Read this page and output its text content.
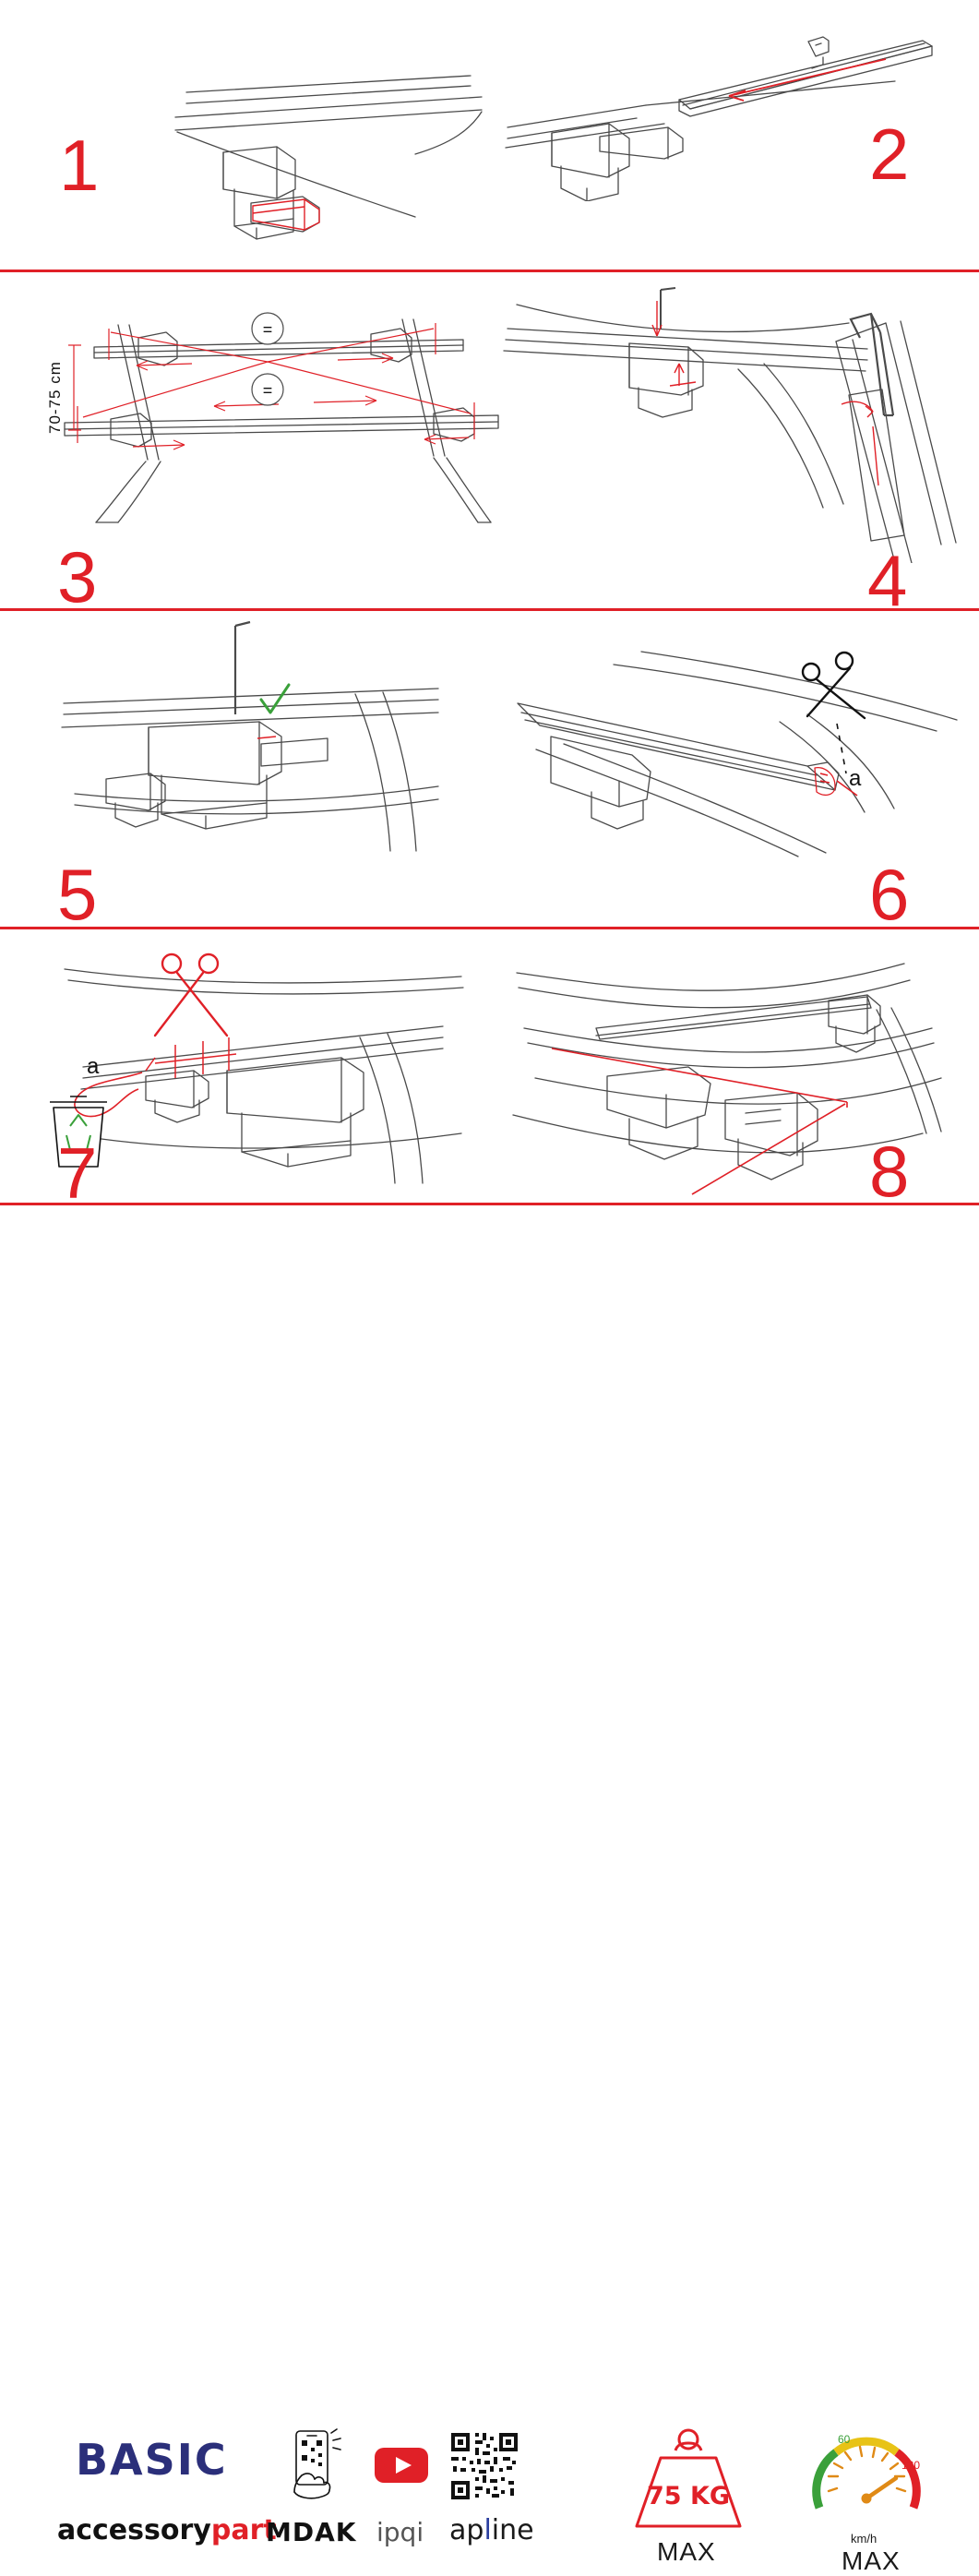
1	2
=
=
70-75 cm
3	4
5
a
6
a
7	8
BASIC
accessorypart
MDAK ipqi apline
75 KG
MAX
60
120
km/h
MAX
